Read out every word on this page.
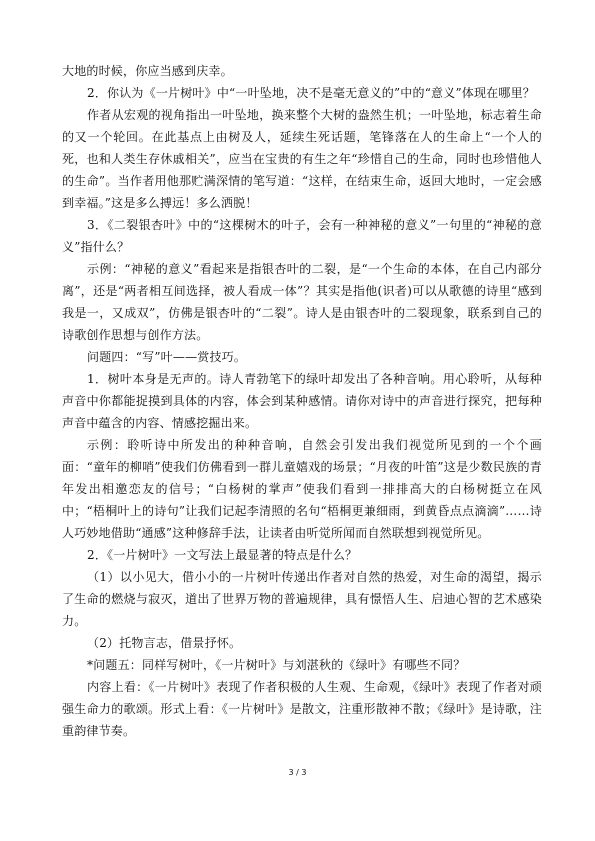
大地的时候，你应当感到庆幸。

2．你认为《一片树叶》中“一叶坠地，决不是毫无意义的”中的“意义”体现在哪里？

作者从宏观的视角指出一叶坠地，换来整个大树的盎然生机；一叶坠地，标志着生命的又一个轮回。在此基点上由树及人，延续生死话题，笔锋落在人的生命上“一个人的死，也和人类生存休戚相关”，应当在宝贵的有生之年“珍惜自己的生命，同时也珍惜他人的生命”。当作者用他那贮满深情的笔写道：“这样，在结束生命，返回大地时，一定会感到幸福。”这是多么搏远！多么洒脱！

3．《二裂银杏叶》中的“这棵树木的叶子，会有一种神秘的意义”一句里的“神秘的意义”指什么？

示例：“神秘的意义”看起来是指银杏叶的二裂，是“一个生命的本体，在自己内部分离”，还是“两者相互间选择，被人看成一体”？其实是指他(识者)可以从歌德的诗里“感到我是一，又成双”，仿佛是银杏叶的“二裂”。诗人是由银杏叶的二裂现象，联系到自己的诗歌创作思想与创作方法。

问题四：“写”叶——赏技巧。

1．树叶本身是无声的。诗人青勃笔下的绿叶却发出了各种音响。用心聆听，从每种声音中你都能捉摸到具体的内容，体会到某种感情。请你对诗中的声音进行探究，把每种声音中蕴含的内容、情感挖掘出来。

示例：聆听诗中所发出的种种音响，自然会引发出我们视觉所见到的一个个画面：“童年的柳哨”使我们仿佛看到一群儿童嬉戏的场景；“月夜的叶笛”这是少数民族的青年发出相邀恋友的信号；“白杨树的掌声”使我们看到一排排高大的白杨树挺立在风中；“梧桐叶上的诗句”让我们记起李清照的名句“梧桐更兼细雨，到黄昏点点滴滴”……诗人巧妙地借助“通感”这种修辞手法，让读者由听觉所闻而自然联想到视觉所见。

2．《一片树叶》一文写法上最显著的特点是什么？

（1）以小见大，借小小的一片树叶传递出作者对自然的热爱，对生命的渴望，揭示了生命的燃烧与寂灭，道出了世界万物的普遍规律，具有憬悟人生、启迪心智的艺术感染力。

（2）托物言志，借景抒怀。

*问题五：同样写树叶，《一片树叶》与刘湛秋的《绿叶》有哪些不同？

内容上看：《一片树叶》表现了作者积极的人生观、生命观，《绿叶》表现了作者对顽强生命力的歌颂。形式上看：《一片树叶》是散文，注重形散神不散；《绿叶》是诗歌，注重韵律节奏。

3 / 3
